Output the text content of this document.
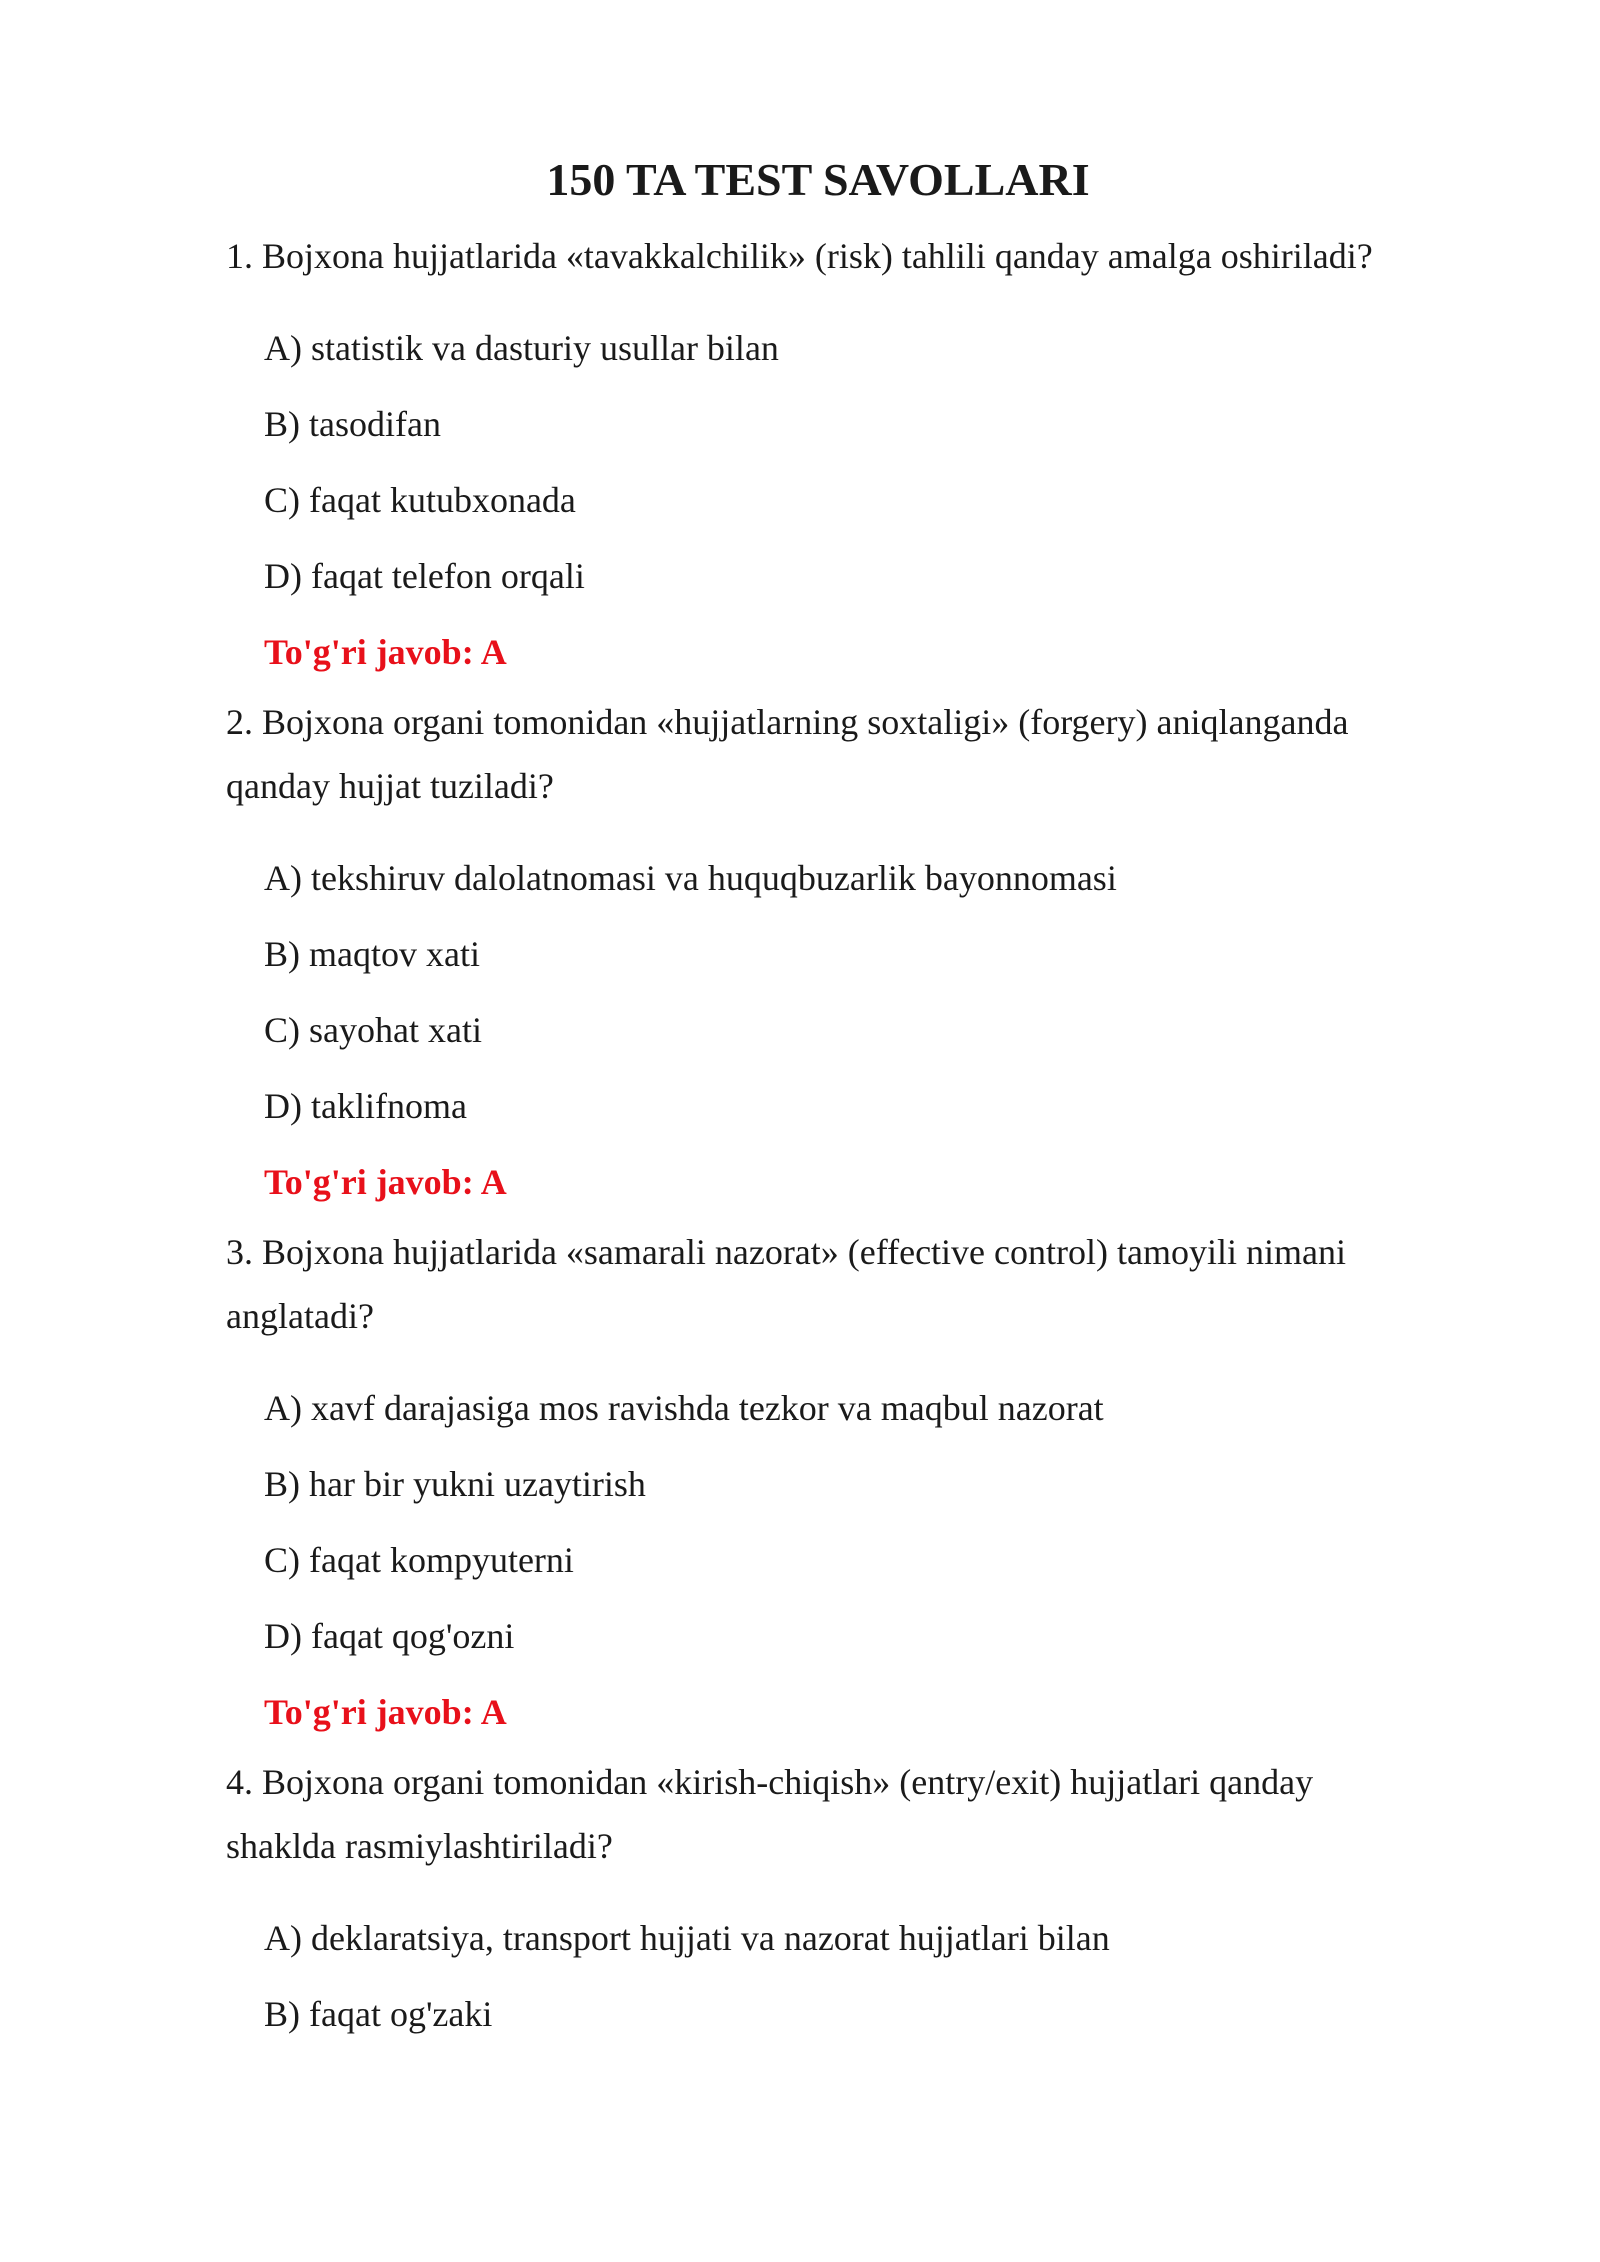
150 TA TEST SAVOLLARI

1. Bojxona hujjatlarida «tavakkalchilik» (risk) tahlili qanday amalga oshiriladi?

A) statistik va dasturiy usullar bilan
B) tasodifan
C) faqat kutubxonada
D) faqat telefon orqali

To'g'ri javob: A

2. Bojxona organi tomonidan «hujjatlarning soxtaligi» (forgery) aniqlanganda qanday hujjat tuziladi?

A) tekshiruv dalolatnomasi va huquqbuzarlik bayonnomasi
B) maqtov xati
C) sayohat xati
D) taklifnoma

To'g'ri javob: A

3. Bojxona hujjatlarida «samarali nazorat» (effective control) tamoyili nimani anglatadi?

A) xavf darajasiga mos ravishda tezkor va maqbul nazorat
B) har bir yukni uzaytirish
C) faqat kompyuterni
D) faqat qog'ozni

To'g'ri javob: A

4. Bojxona organi tomonidan «kirish-chiqish» (entry/exit) hujjatlari qanday shaklda rasmiylashtiriladi?

A) deklaratsiya, transport hujjati va nazorat hujjatlari bilan
B) faqat og'zaki
